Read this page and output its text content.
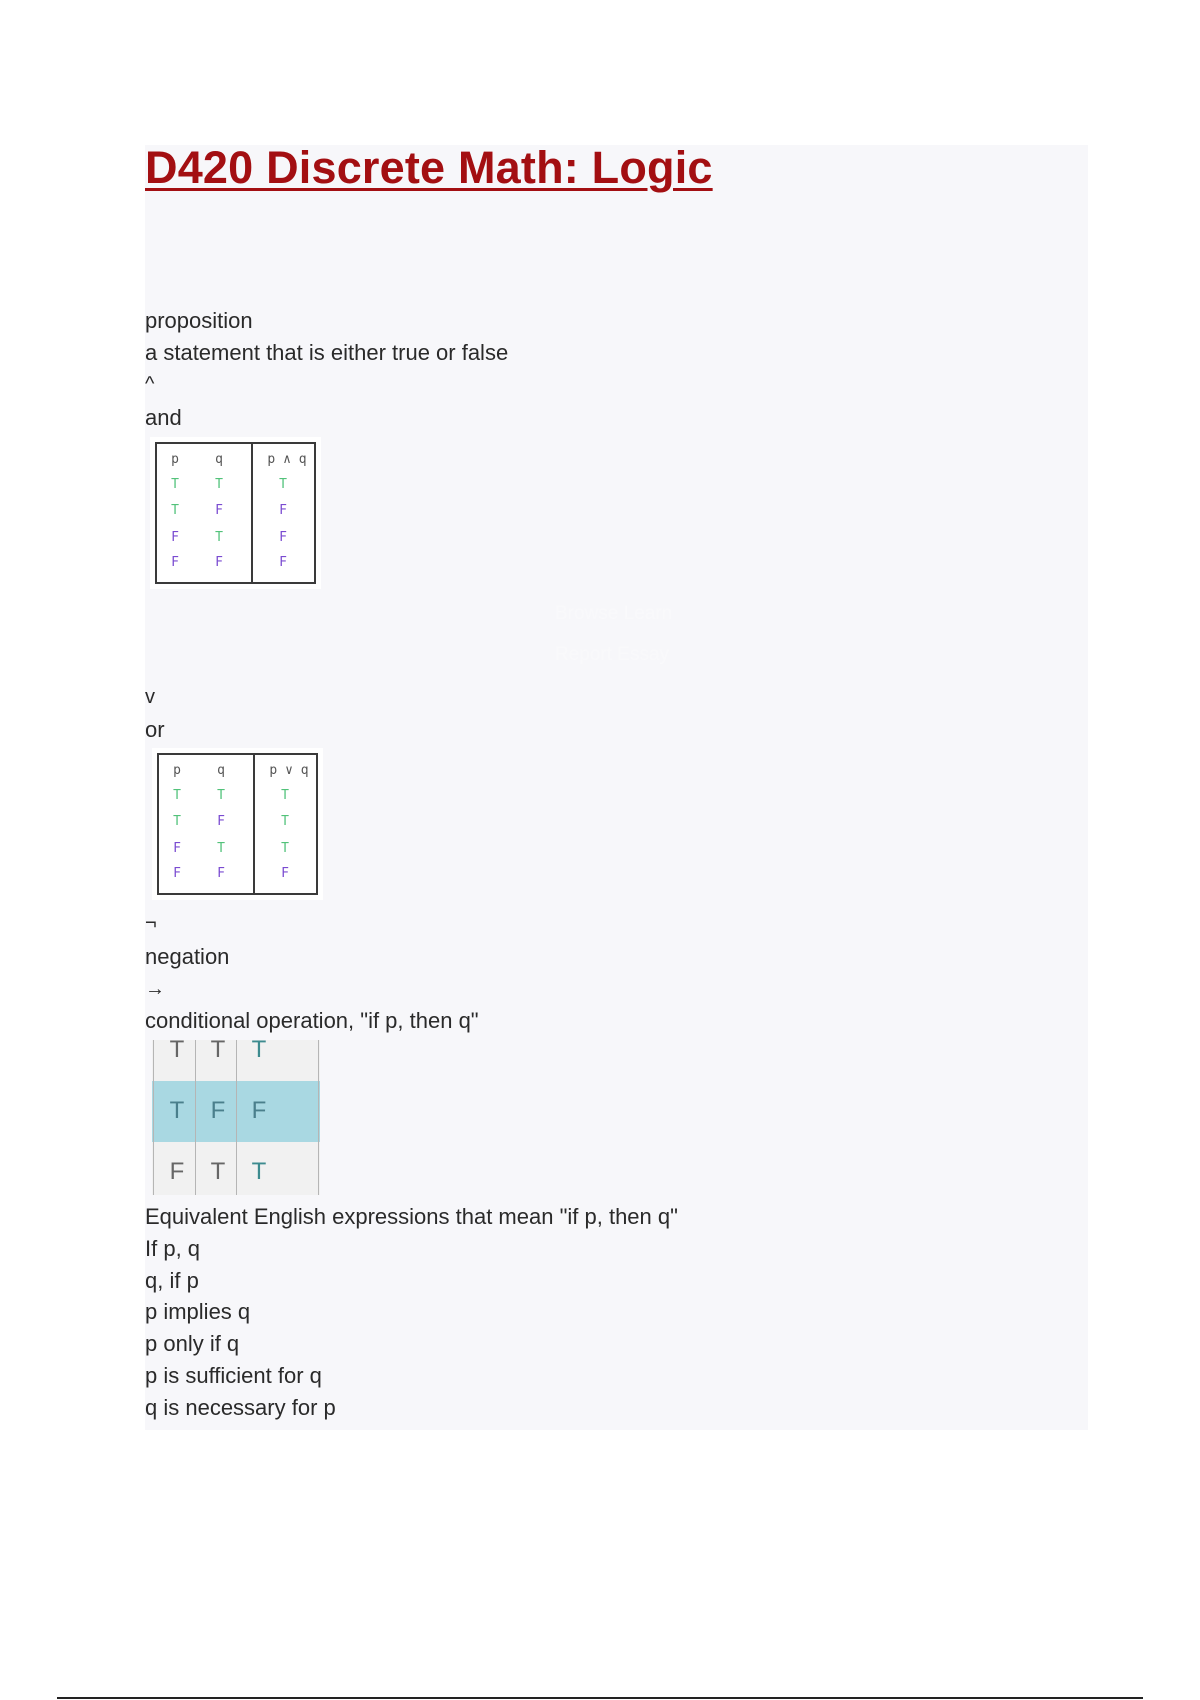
D420 Discrete Math: Logic
proposition
a statement that is either true or false
^
and
p	q	p ∧ q
T	T	T
T	F	F
F	T	F
F	F	F
Browse Learn
Report Essay
v
or
p	q	p ∨ q
T	T	T
T	F	T
F	T	T
F	F	F
¬
negation
→
conditional operation, "if p, then q"
T	T	T
T	F	F
F	T	T
Equivalent English expressions that mean "if p, then q"
If p, q
q, if p
p implies q
p only if q
p is sufficient for q
q is necessary for p
